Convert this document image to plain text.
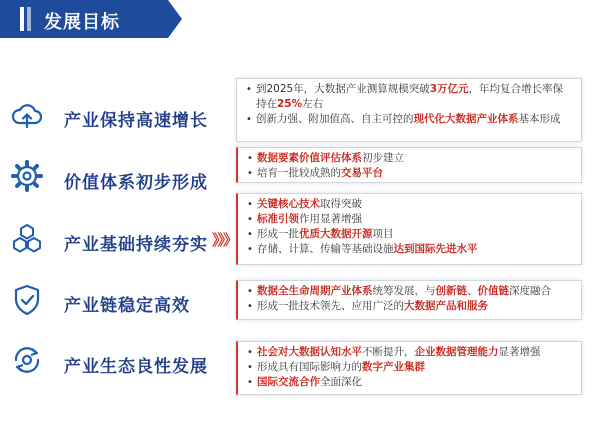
发展目标
产业保持高速增长
价值体系初步形成
产业基础持续夯实 》》》
产业链稳定高效
产业生态良性发展
• 到2025年，大数据产业测算规模突破3万亿元，年均复合增长率保持在25%左右
• 创新力强、附加值高、自主可控的现代化大数据产业体系基本形成
• 数据要素价值评估体系初步建立
• 培育一批较成熟的交易平台
• 关键核心技术取得突破
• 标准引领作用显著增强
• 形成一批优质大数据开源项目
• 存储、计算、传输等基础设施达到国际先进水平
• 数据全生命周期产业体系统筹发展，与创新链、价值链深度融合
• 形成一批技术领先、应用广泛的大数据产品和服务
• 社会对大数据认知水平不断提升，企业数据管理能力显著增强
• 形成具有国际影响力的数字产业集群
• 国际交流合作全面深化
